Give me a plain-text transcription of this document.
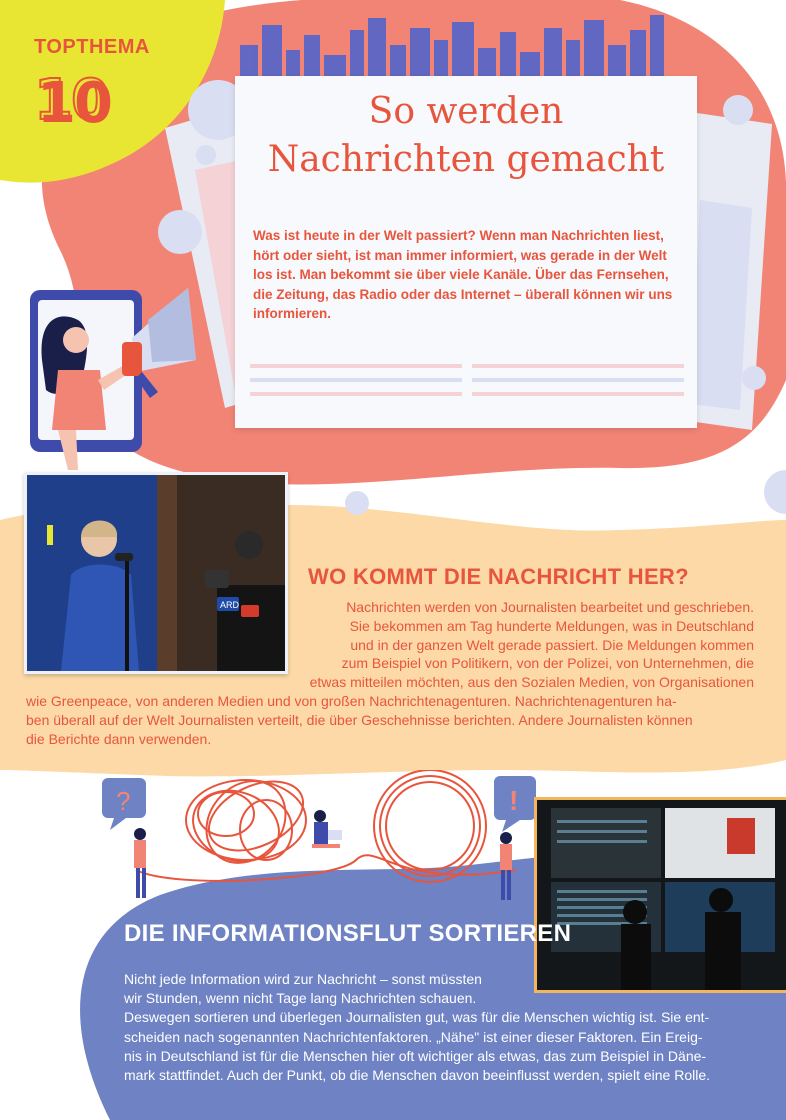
So werden
Nachrichten gemacht
Was ist heute in der Welt passiert? Wenn man Nachrichten liest, hört oder sieht, ist man immer informiert, was gerade in der Welt los ist. Man bekommt sie über viele Kanäle. Über das Fernsehen, die Zeitung, das Radio oder das Internet – überall können wir uns informieren.
TOPTHEMA
10
ARD
WO KOMMT DIE NACHRICHT HER?

Nachrichten werden von Journalisten bearbeitet und geschrieben.

Sie bekommen am Tag hunderte Meldungen, was in Deutschland

und in der ganzen Welt gerade passiert. Die Meldungen kommen

zum Beispiel von Politikern, von der Polizei, von Unternehmen, die

etwas mitteilen möchten, aus den Sozialen Medien, von Organisationen

wie Greenpeace, von anderen Medien und von großen Nachrichtenagenturen. Nachrichtenagenturen ha-

ben überall auf der Welt Journalisten verteilt, die über Geschehnisse berichten. Andere Journalisten können

die Berichte dann verwenden.

?	!
DIE INFORMATIONSFLUT SORTIEREN

Nicht jede Information wird zur Nachricht – sonst müssten

wir Stunden, wenn nicht Tage lang Nachrichten schauen.

Deswegen sortieren und überlegen Journalisten gut, was für die Menschen wichtig ist. Sie ent-

scheiden nach sogenannten Nachrichtenfaktoren. „Nähe" ist einer dieser Faktoren. Ein Ereig-

nis in Deutschland ist für die Menschen hier oft wichtiger als etwas, das zum Beispiel in Däne-

mark stattfindet. Auch der Punkt, ob die Menschen davon beeinflusst werden, spielt eine Rolle.
